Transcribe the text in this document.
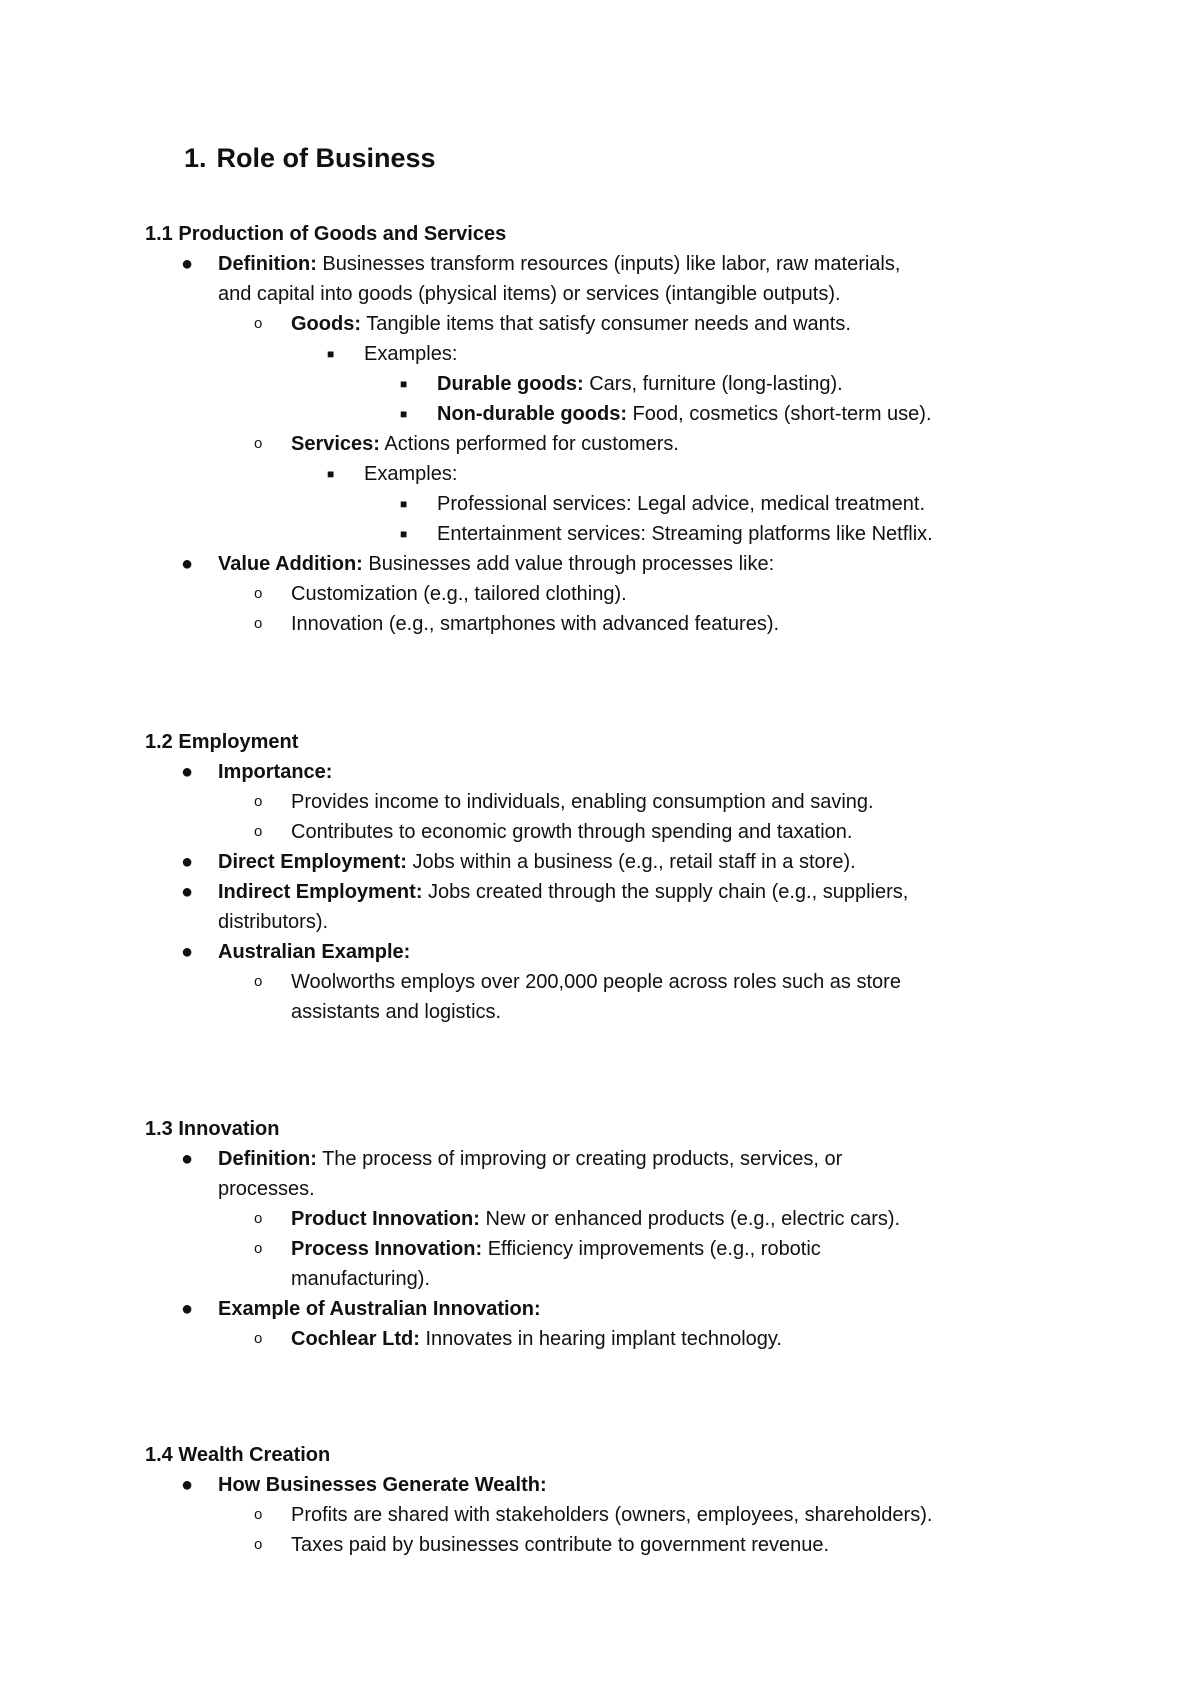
1. Role of Business
1.1 Production of Goods and Services
● Definition: Businesses transform resources (inputs) like labor, raw materials,
and capital into goods (physical items) or services (intangible outputs).
o Goods: Tangible items that satisfy consumer needs and wants.
■ Examples:
■ Durable goods: Cars, furniture (long-lasting).
■ Non-durable goods: Food, cosmetics (short-term use).
o Services: Actions performed for customers.
■ Examples:
■ Professional services: Legal advice, medical treatment.
■ Entertainment services: Streaming platforms like Netflix.
● Value Addition: Businesses add value through processes like:
o Customization (e.g., tailored clothing).
o Innovation (e.g., smartphones with advanced features).
1.2 Employment
● Importance:
o Provides income to individuals, enabling consumption and saving.
o Contributes to economic growth through spending and taxation.
● Direct Employment: Jobs within a business (e.g., retail staff in a store).
● Indirect Employment: Jobs created through the supply chain (e.g., suppliers,
distributors).
● Australian Example:
o Woolworths employs over 200,000 people across roles such as store
assistants and logistics.
1.3 Innovation
● Definition: The process of improving or creating products, services, or
processes.
o Product Innovation: New or enhanced products (e.g., electric cars).
o Process Innovation: Efficiency improvements (e.g., robotic
manufacturing).
● Example of Australian Innovation:
o Cochlear Ltd: Innovates in hearing implant technology.
1.4 Wealth Creation
● How Businesses Generate Wealth:
o Profits are shared with stakeholders (owners, employees, shareholders).
o Taxes paid by businesses contribute to government revenue.
